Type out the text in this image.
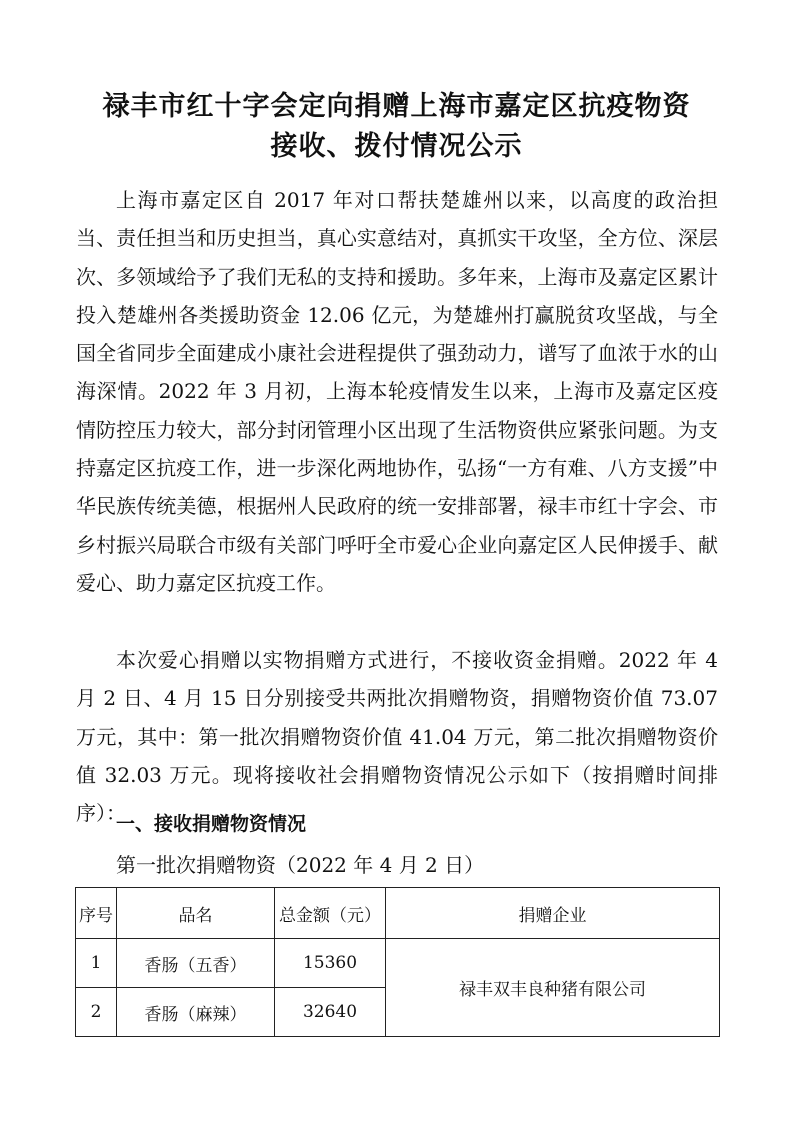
禄丰市红十字会定向捐赠上海市嘉定区抗疫物资
接收、拨付情况公示

上海市嘉定区自 2017 年对口帮扶楚雄州以来，以高度的政治担当、责任担当和历史担当，真心实意结对，真抓实干攻坚，全方位、深层次、多领域给予了我们无私的支持和援助。多年来，上海市及嘉定区累计投入楚雄州各类援助资金 12.06 亿元，为楚雄州打赢脱贫攻坚战，与全国全省同步全面建成小康社会进程提供了强劲动力，谱写了血浓于水的山海深情。2022 年 3 月初，上海本轮疫情发生以来，上海市及嘉定区疫情防控压力较大，部分封闭管理小区出现了生活物资供应紧张问题。为支持嘉定区抗疫工作，进一步深化两地协作，弘扬“一方有难、八方支援”中华民族传统美德，根据州人民政府的统一安排部署，禄丰市红十字会、市乡村振兴局联合市级有关部门呼吁全市爱心企业向嘉定区人民伸援手、献爱心、助力嘉定区抗疫工作。

本次爱心捐赠以实物捐赠方式进行，不接收资金捐赠。2022 年 4 月 2 日、4 月 15 日分别接受共两批次捐赠物资，捐赠物资价值 73.07 万元，其中：第一批次捐赠物资价值 41.04 万元，第二批次捐赠物资价值 32.03 万元。现将接收社会捐赠物资情况公示如下（按捐赠时间排序）：

一、接收捐赠物资情况

第一批次捐赠物资（2022 年 4 月 2 日）

序号	品名	总金额（元）	捐赠企业
1	香肠（五香）	15360	禄丰双丰良种猪有限公司
2	香肠（麻辣）	32640	
